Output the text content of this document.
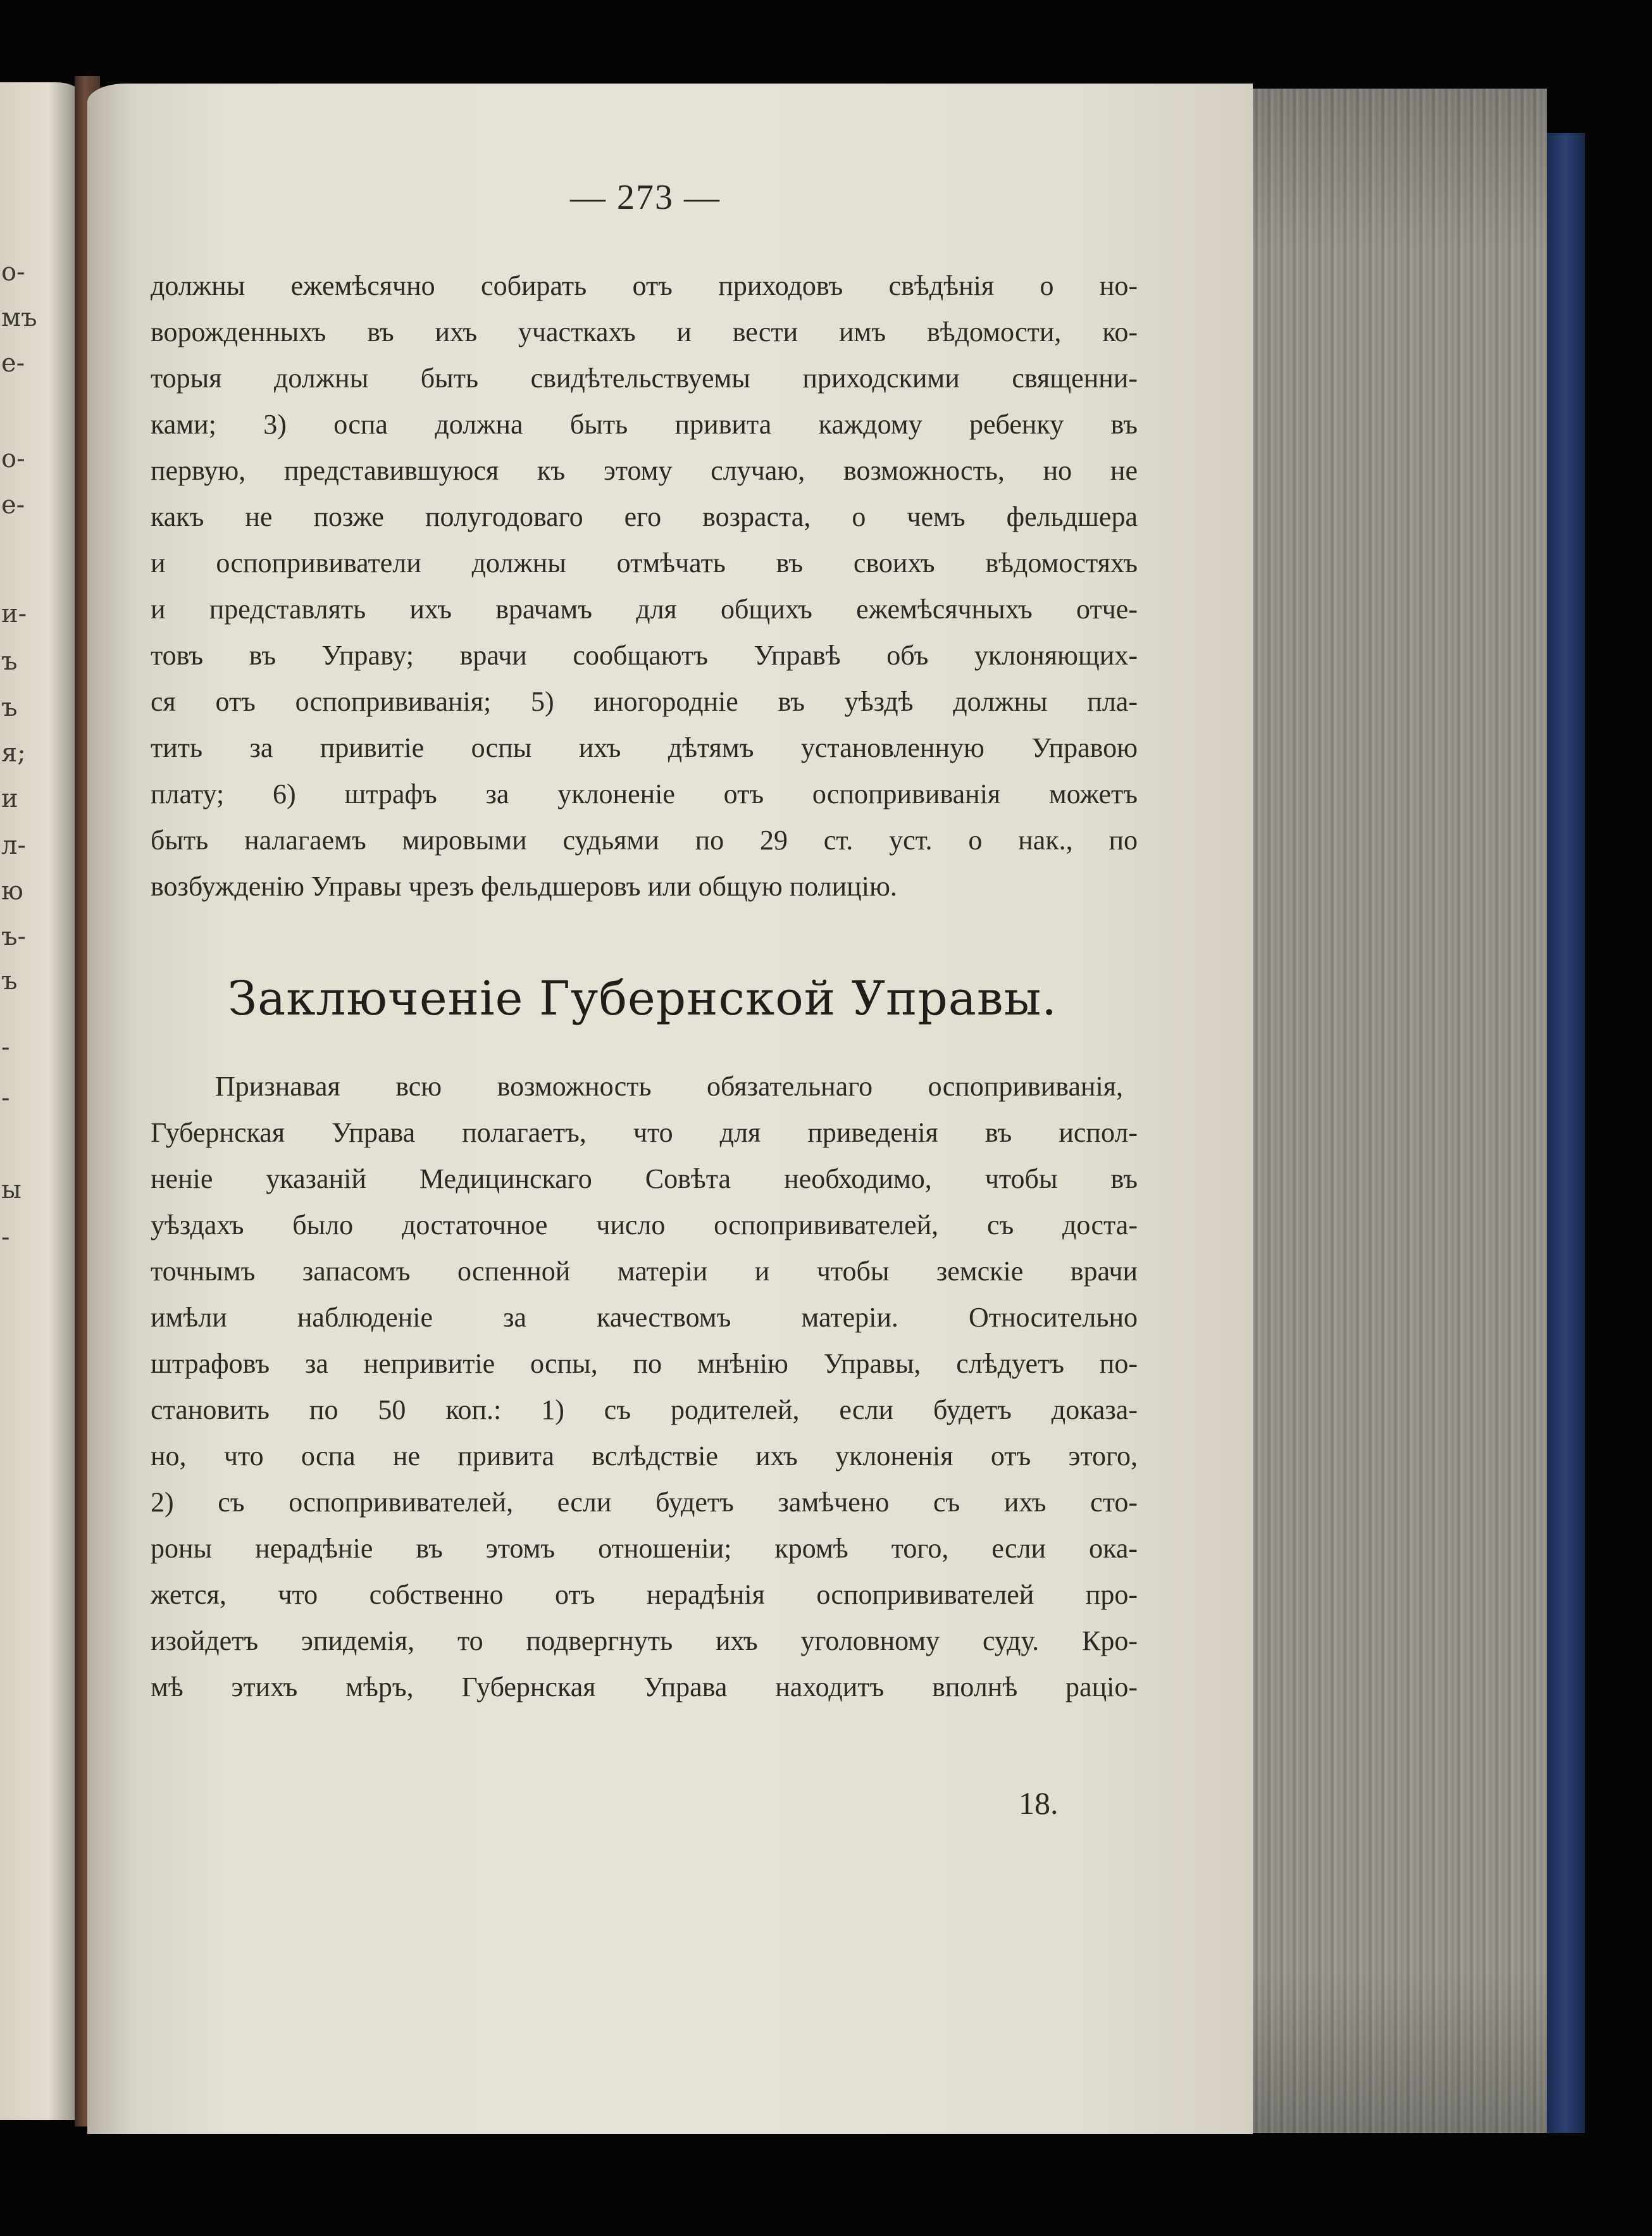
о-
мъ
е-
о-
е-
и-
ъ
ъ
я;
и
л-
ю
ъ-
ъ
-
-
ы
-
— 273 —
должны ежемѣсячно собирать отъ приходовъ свѣдѣнія о но-
ворожденныхъ въ ихъ участкахъ и вести имъ вѣдомости, ко-
торыя должны быть свидѣтельствуемы приходскими священни-
ками; 3) оспа должна быть привита каждому ребенку въ
первую, представившуюся къ этому случаю, возможность, но не
какъ не позже полугодоваго его возраста, о чемъ фельдшера
и оспопрививатели должны отмѣчать въ своихъ вѣдомостяхъ
и представлять ихъ врачамъ для общихъ ежемѣсячныхъ отче-
товъ въ Управу; врачи сообщаютъ Управѣ объ уклоняющих-
ся отъ оспопрививанія; 5) иногородніе въ уѣздѣ должны пла-
тить за привитіе оспы ихъ дѣтямъ установленную Управою
плату; 6) штрафъ за уклоненіе отъ оспопрививанія можетъ
быть налагаемъ мировыми судьями по 29 ст. уст. о нак., по
возбужденію Управы чрезъ фельдшеровъ или общую полицію.
Заключеніе Губернской Управы.
Признавая всю возможность обязательнаго оспопрививанія,
Губернская Управа полагаетъ, что для приведенія въ испол-
неніе указаній Медицинскаго Совѣта необходимо, чтобы въ
уѣздахъ было достаточное число оспопрививателей, съ доста-
точнымъ запасомъ оспенной матеріи и чтобы земскіе врачи
имѣли наблюденіе за качествомъ матеріи. Относительно
штрафовъ за непривитіе оспы, по мнѣнію Управы, слѣдуетъ по-
становить по 50 коп.: 1) съ родителей, если будетъ доказа-
но, что оспа не привита вслѣдствіе ихъ уклоненія отъ этого,
2) съ оспопрививателей, если будетъ замѣчено съ ихъ сто-
роны нерадѣніе въ этомъ отношеніи; кромѣ того, если ока-
жется, что собственно отъ нерадѣнія оспопрививателей про-
изойдетъ эпидемія, то подвергнуть ихъ уголовному суду. Кро-
мѣ этихъ мѣръ, Губернская Управа находитъ вполнѣ раціо-
18.
